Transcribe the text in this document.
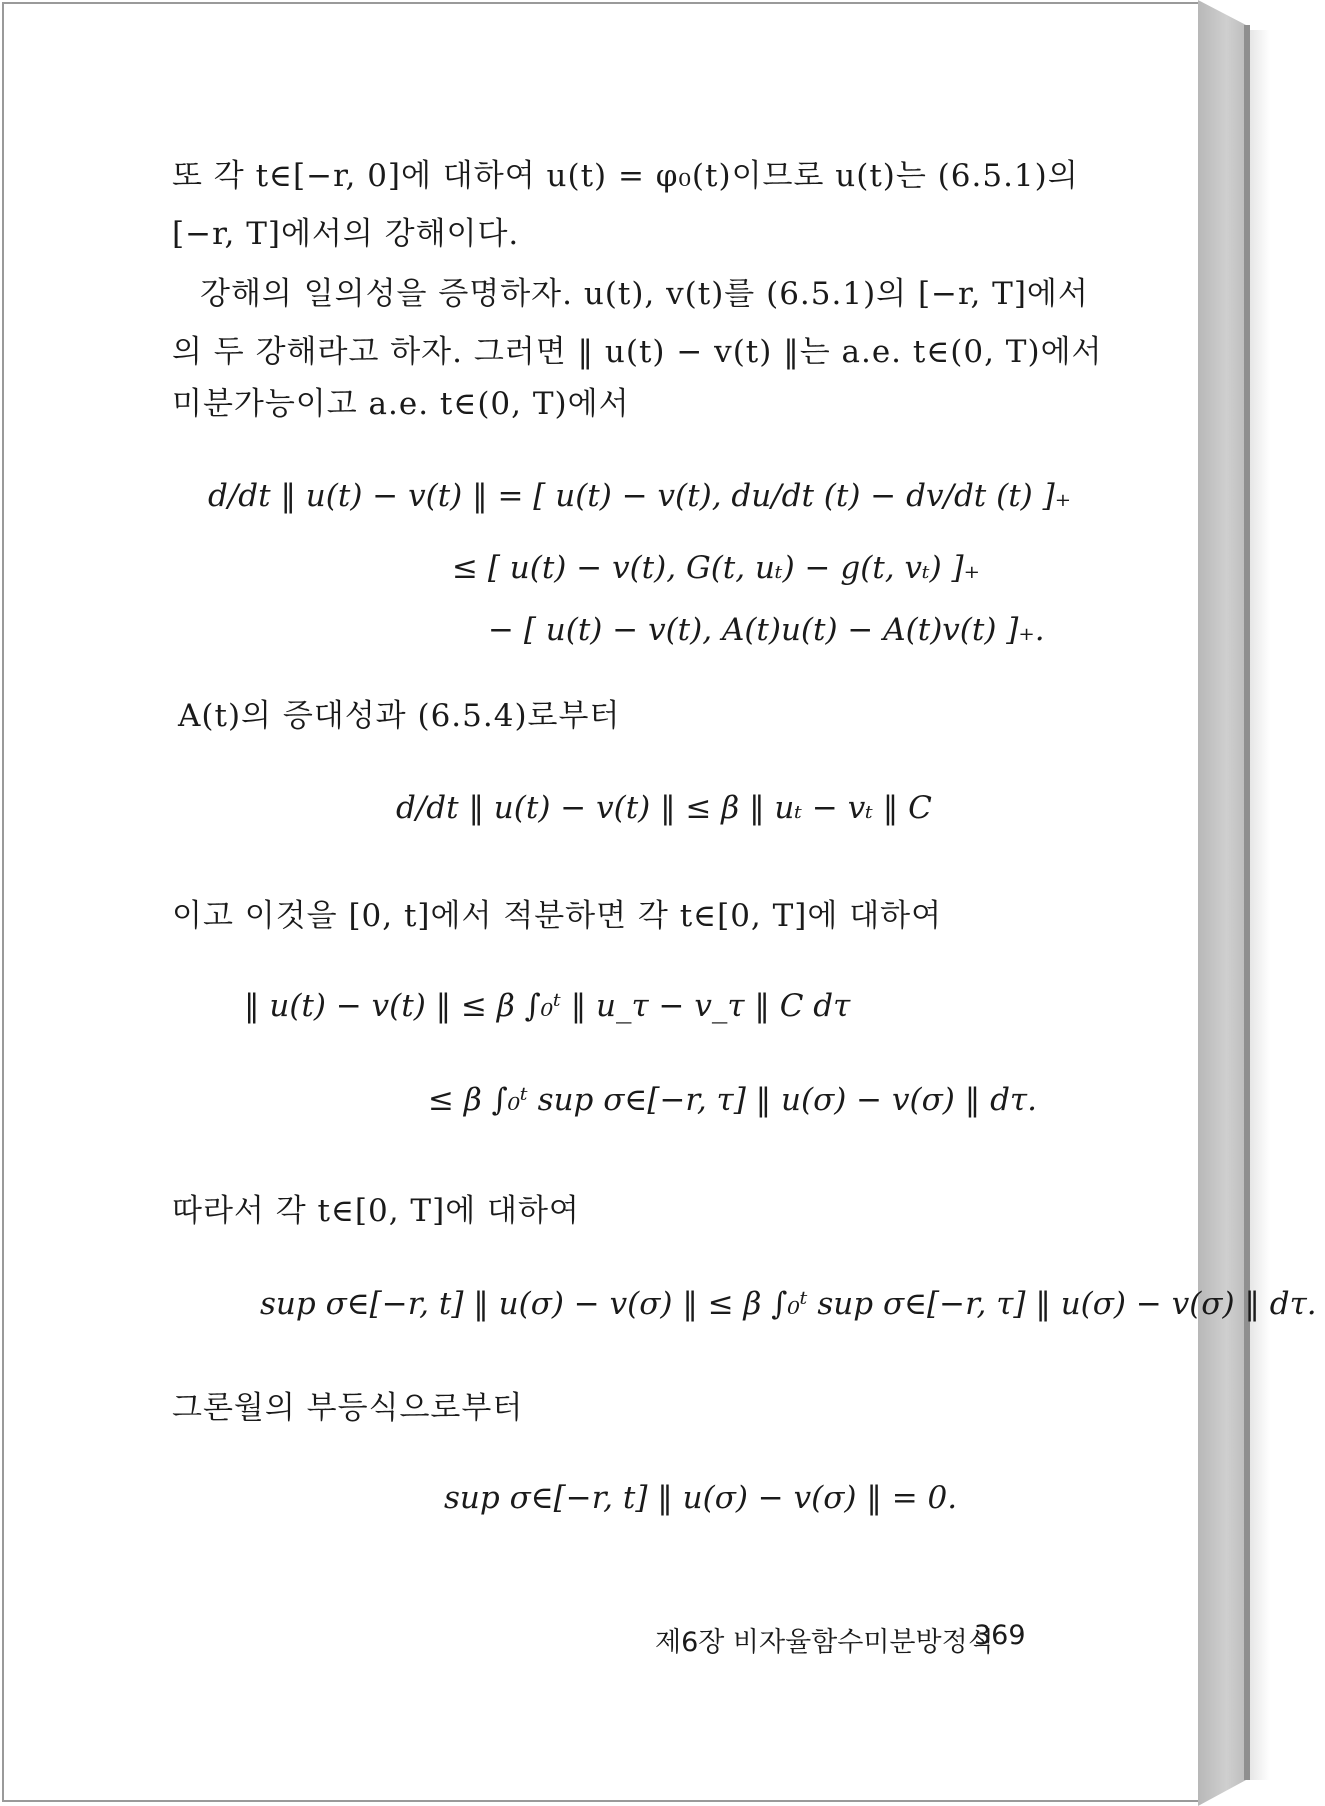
또 각 t∈[−r, 0]에 대하여 u(t) = φ₀(t)이므로 u(t)는 (6.5.1)의
[−r, T]에서의 강해이다.
강해의 일의성을 증명하자. u(t), v(t)를 (6.5.1)의 [−r, T]에서
의 두 강해라고 하자. 그러면 ‖ u(t) − v(t) ‖는 a.e. t∈(0, T)에서
미분가능이고 a.e. t∈(0, T)에서
d/dt ‖ u(t) − v(t) ‖ = [ u(t) − v(t), du/dt (t) − dv/dt (t) ]₊
≤ [ u(t) − v(t), G(t, uₜ) − g(t, vₜ) ]₊
− [ u(t) − v(t), A(t)u(t) − A(t)v(t) ]₊.
A(t)의 증대성과 (6.5.4)로부터
d/dt ‖ u(t) − v(t) ‖ ≤ β ‖ uₜ − vₜ ‖ C
이고 이것을 [0, t]에서 적분하면 각 t∈[0, T]에 대하여
‖ u(t) − v(t) ‖ ≤ β ∫₀ᵗ ‖ u_τ − v_τ ‖ C dτ
≤ β ∫₀ᵗ sup σ∈[−r, τ] ‖ u(σ) − v(σ) ‖ dτ.
따라서 각 t∈[0, T]에 대하여
sup σ∈[−r, t] ‖ u(σ) − v(σ) ‖ ≤ β ∫₀ᵗ sup σ∈[−r, τ] ‖ u(σ) − v(σ) ‖ dτ.
그론월의 부등식으로부터
sup σ∈[−r, t] ‖ u(σ) − v(σ) ‖ = 0.
제6장 비자율함수미분방정식
369
